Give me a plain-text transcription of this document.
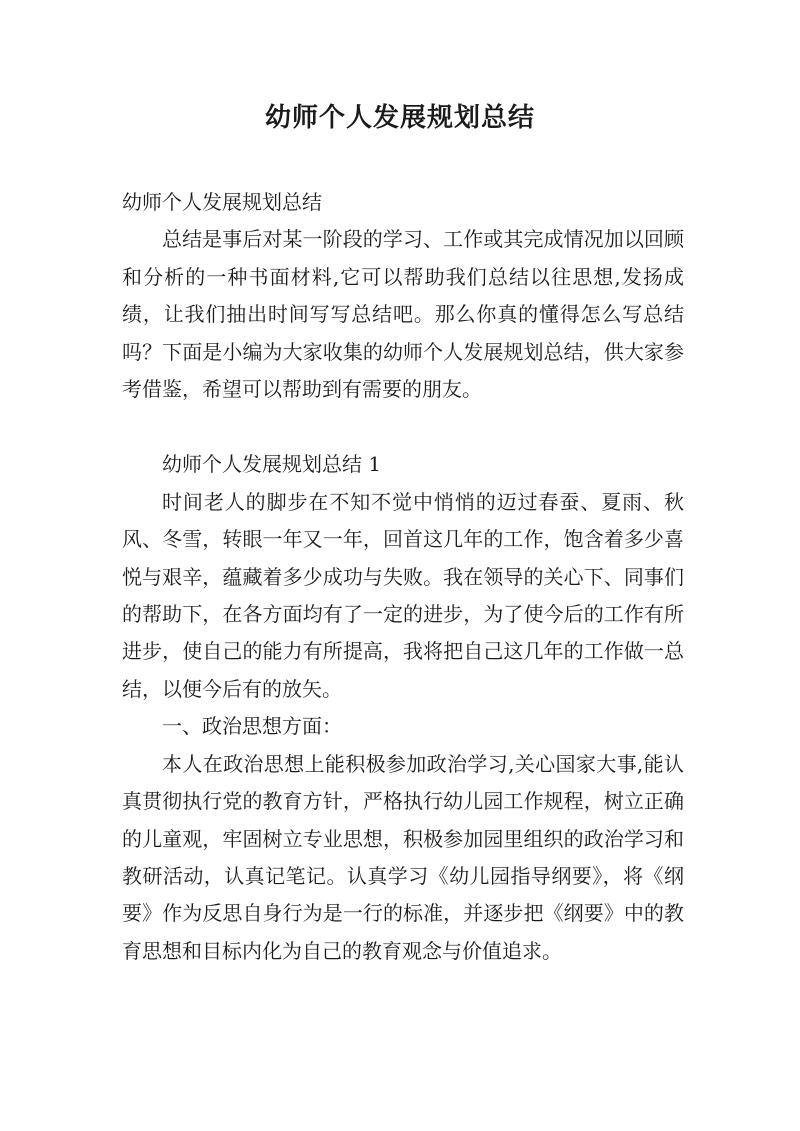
幼师个人发展规划总结

幼师个人发展规划总结

总结是事后对某一阶段的学习、工作或其完成情况加以回顾和分析的一种书面材料,它可以帮助我们总结以往思想,发扬成绩，让我们抽出时间写写总结吧。那么你真的懂得怎么写总结吗？下面是小编为大家收集的幼师个人发展规划总结，供大家参考借鉴，希望可以帮助到有需要的朋友。

幼师个人发展规划总结 1

时间老人的脚步在不知不觉中悄悄的迈过春蚕、夏雨、秋风、冬雪，转眼一年又一年，回首这几年的工作，饱含着多少喜悦与艰辛，蕴藏着多少成功与失败。我在领导的关心下、同事们的帮助下，在各方面均有了一定的进步，为了使今后的工作有所进步，使自己的能力有所提高，我将把自己这几年的工作做一总结，以便今后有的放矢。

一、政治思想方面：

本人在政治思想上能积极参加政治学习,关心国家大事,能认真贯彻执行党的教育方针，严格执行幼儿园工作规程，树立正确的儿童观，牢固树立专业思想，积极参加园里组织的政治学习和教研活动，认真记笔记。认真学习《幼儿园指导纲要》，将《纲要》作为反思自身行为是一行的标准，并逐步把《纲要》中的教育思想和目标内化为自己的教育观念与价值追求。
